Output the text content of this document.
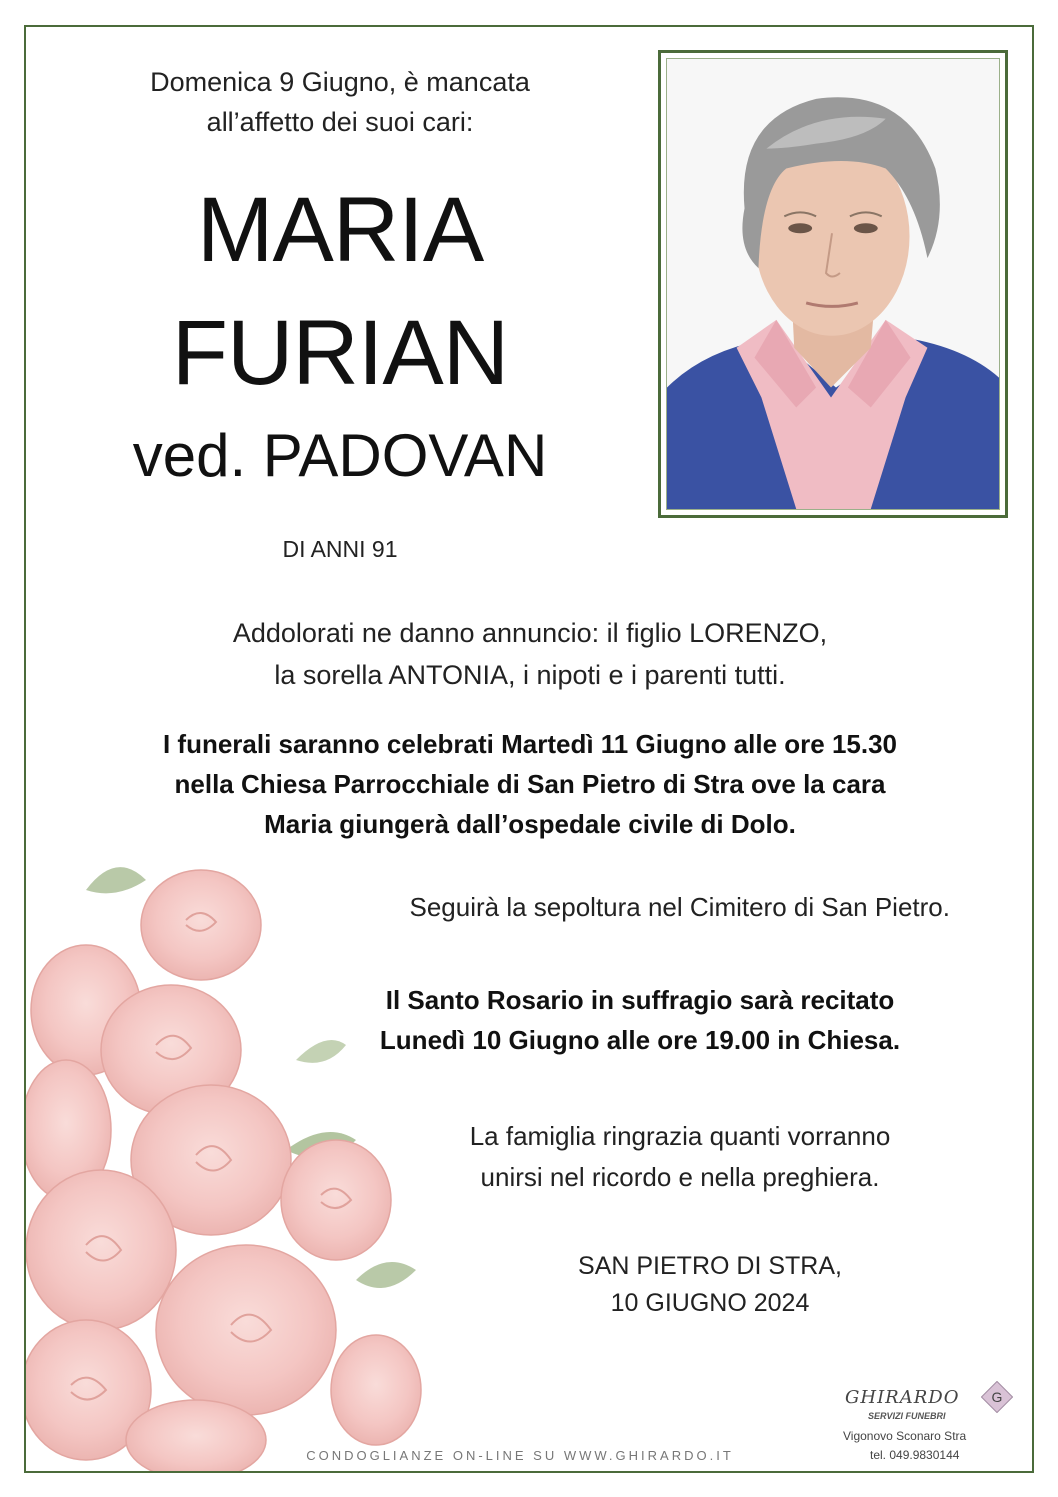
Domenica 9 Giugno, è mancata
all’affetto dei suoi cari:
MARIA
FURIAN
ved. PADOVAN
DI ANNI 91
Addolorati ne danno annuncio: il figlio LORENZO,
la sorella ANTONIA, i nipoti e i parenti tutti.
I funerali saranno celebrati Martedì 11 Giugno alle ore 15.30
nella Chiesa Parrocchiale di San Pietro di Stra ove la cara
Maria giungerà dall’ospedale civile di Dolo.
Seguirà la sepoltura nel Cimitero di San Pietro.
Il Santo Rosario in suffragio sarà recitato
Lunedì 10 Giugno alle ore 19.00 in Chiesa.
La famiglia ringrazia quanti vorranno
unirsi nel ricordo e nella preghiera.
SAN PIETRO DI STRA,
10 GIUGNO 2024
CONDOGLIANZE ON-LINE SU WWW.GHIRARDO.IT
GHIRARDO
SERVIZI FUNEBRI
Vigonovo Sconaro Stra
tel. 049.9830144
G
